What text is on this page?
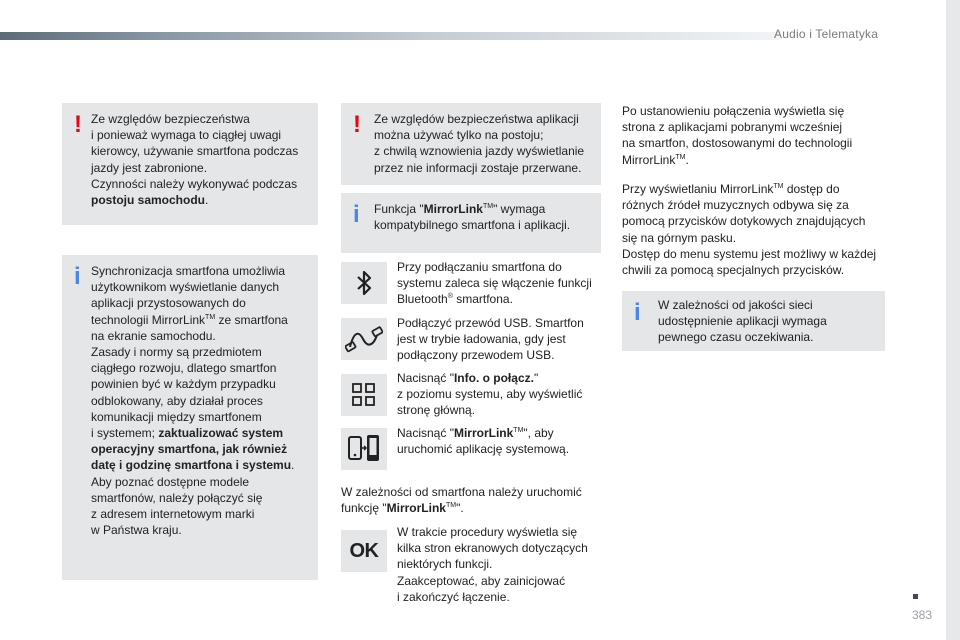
Audio i Telematyka
! Ze względów bezpieczeństwa
i ponieważ wymaga to ciągłej uwagi
kierowcy, używanie smartfona podczas
jazdy jest zabronione.
Czynności należy wykonywać podczas
postoju samochodu.
i Synchronizacja smartfona umożliwia
użytkownikom wyświetlanie danych
aplikacji przystosowanych do
technologii MirrorLink™ ze smartfona
na ekranie samochodu.
Zasady i normy są przedmiotem
ciągłego rozwoju, dlatego smartfon
powinien być w każdym przypadku
odblokowany, aby działał proces
komunikacji między smartfonem
i systemem; zaktualizować system
operacyjny smartfona, jak również
datę i godzinę smartfona i systemu.
Aby poznać dostępne modele
smartfonów, należy połączyć się
z adresem internetowym marki
w Państwa kraju.
! Ze względów bezpieczeństwa aplikacji
można używać tylko na postoju;
z chwilą wznowienia jazdy wyświetlanie
przez nie informacji zostaje przerwane.
i Funkcja "MirrorLink™" wymaga
kompatybilnego smartfona i aplikacji.
Przy podłączaniu smartfona do
systemu zaleca się włączenie funkcji
Bluetooth® smartfona.
Podłączyć przewód USB. Smartfon
jest w trybie ładowania, gdy jest
podłączony przewodem USB.
Nacisnąć "Info. o połącz."
z poziomu systemu, aby wyświetlić
stronę główną.
Nacisnąć "MirrorLink™", aby
uruchomić aplikację systemową.
W zależności od smartfona należy uruchomić
funkcję "MirrorLink™".
OK
W trakcie procedury wyświetla się
kilka stron ekranowych dotyczących
niektórych funkcji.
Zaakceptować, aby zainicjować
i zakończyć łączenie.
Po ustanowieniu połączenia wyświetla się
strona z aplikacjami pobranymi wcześniej
na smartfon, dostosowanymi do technologii
MirrorLink™.
Przy wyświetlaniu MirrorLink™ dostęp do
różnych źródeł muzycznych odbywa się za
pomocą przycisków dotykowych znajdujących
się na górnym pasku.
Dostęp do menu systemu jest możliwy w każdej
chwili za pomocą specjalnych przycisków.
i W zależności od jakości sieci
udostępnienie aplikacji wymaga
pewnego czasu oczekiwania.
383
